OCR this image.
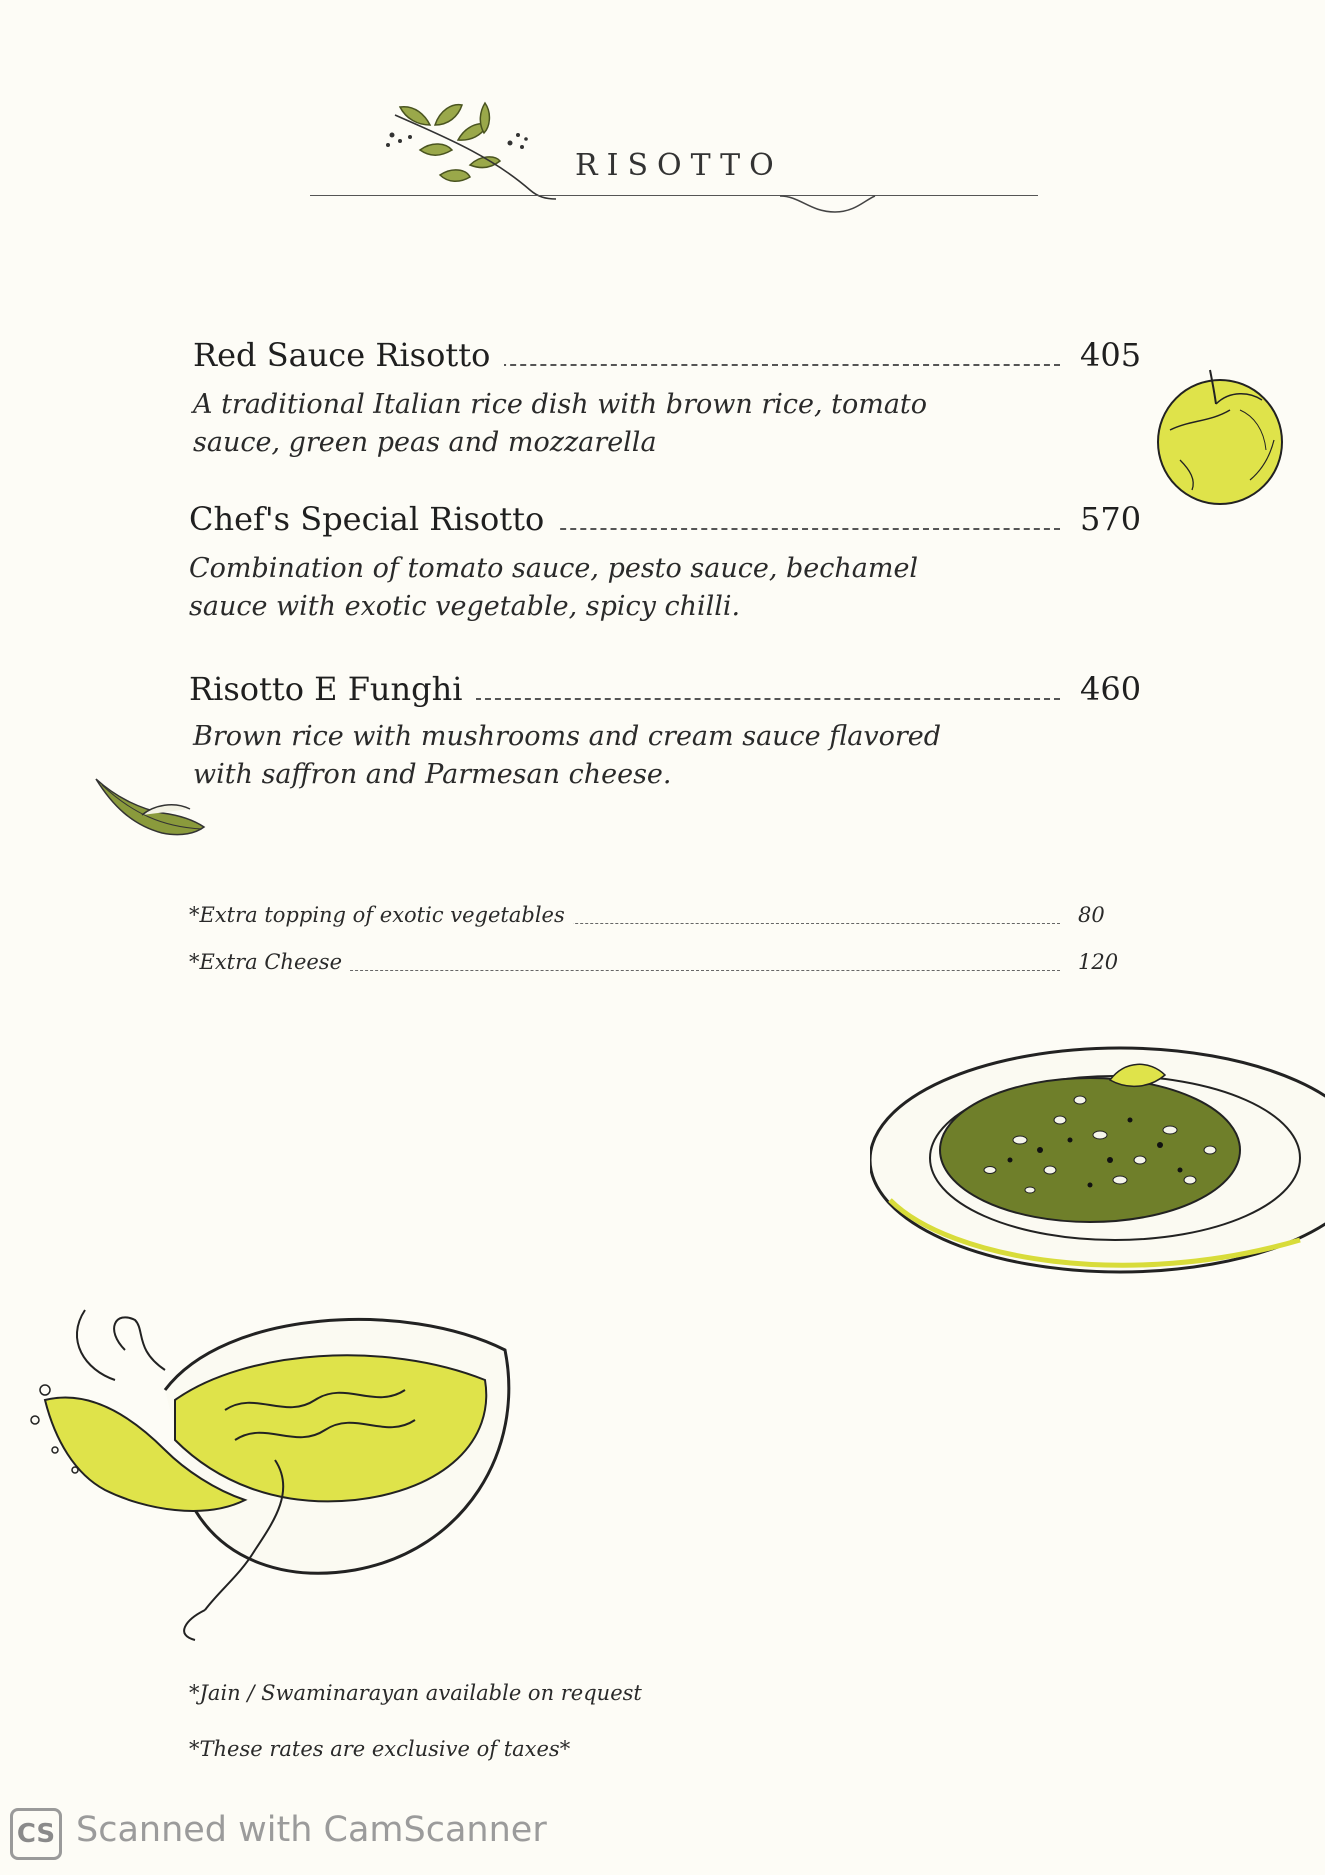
RISOTTO
Red Sauce Risotto	405
A traditional Italian rice dish with brown rice, tomato
sauce, green peas and mozzarella
Chef's Special Risotto	570
Combination of tomato sauce, pesto sauce, bechamel
sauce with exotic vegetable, spicy chilli.
Risotto E Funghi	460
Brown rice with mushrooms and cream sauce flavored
with saffron and Parmesan cheese.
*Extra topping of exotic vegetables	80
*Extra Cheese	120
*Jain / Swaminarayan available on request
*These rates are exclusive of taxes*
CS Scanned with CamScanner
